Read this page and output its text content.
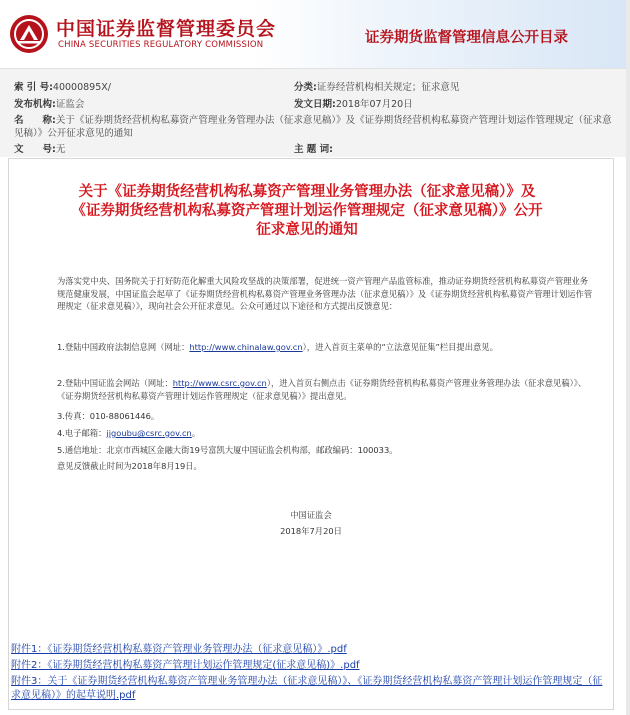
中国证券监督管理委员会
CHINA SECURITIES REGULATORY COMMISSION	证券期货监督管理信息公开目录
索 引 号:40000895X/	分类:证券经营机构相关规定；征求意见
发布机构:证监会	发文日期:2018年07月20日
名　　称:关于《证券期货经营机构私募资产管理业务管理办法（征求意见稿）》及《证券期货经营机构私募资产管理计划运作管理规定（征求意见稿）》公开征求意见的通知
文　　号:无	主 题 词:
关于《证券期货经营机构私募资产管理业务管理办法（征求意见稿）》及《证券期货经营机构私募资产管理计划运作管理规定（征求意见稿）》公开征求意见的通知

为落实党中央、国务院关于打好防范化解重大风险攻坚战的决策部署，促进统一资产管理产品监管标准，推动证券期货经营机构私募资产管理业务规范健康发展，中国证监会起草了《证券期货经营机构私募资产管理业务管理办法（征求意见稿）》及《证券期货经营机构私募资产管理计划运作管理规定（征求意见稿）》，现向社会公开征求意见。公众可通过以下途径和方式提出反馈意见：

1.登陆中国政府法制信息网（网址：http://www.chinalaw.gov.cn），进入首页主菜单的“立法意见征集”栏目提出意见。
2.登陆中国证监会网站（网址：http://www.csrc.gov.cn），进入首页右侧点击《证券期货经营机构私募资产管理业务管理办法（征求意见稿）》、《证券期货经营机构私募资产管理计划运作管理规定（征求意见稿）》提出意见。
3.传真：010-88061446。
4.电子邮箱：jjgoubu@csrc.gov.cn。
5.通信地址：北京市西城区金融大街19号富凯大厦中国证监会机构部，邮政编码：100033。
意见反馈截止时间为2018年8月19日。
中国证监会
2018年7月20日
附件1：《证券期货经营机构私募资产管理业务管理办法（征求意见稿）》.pdf
附件2：《证券期货经营机构私募资产管理计划运作管理规定(征求意见稿)》.pdf
附件3：关于《证券期货经营机构私募资产管理业务管理办法（征求意见稿）》、《证券期货经营机构私募资产管理计划运作管理规定（征求意见稿）》的起草说明.pdf
